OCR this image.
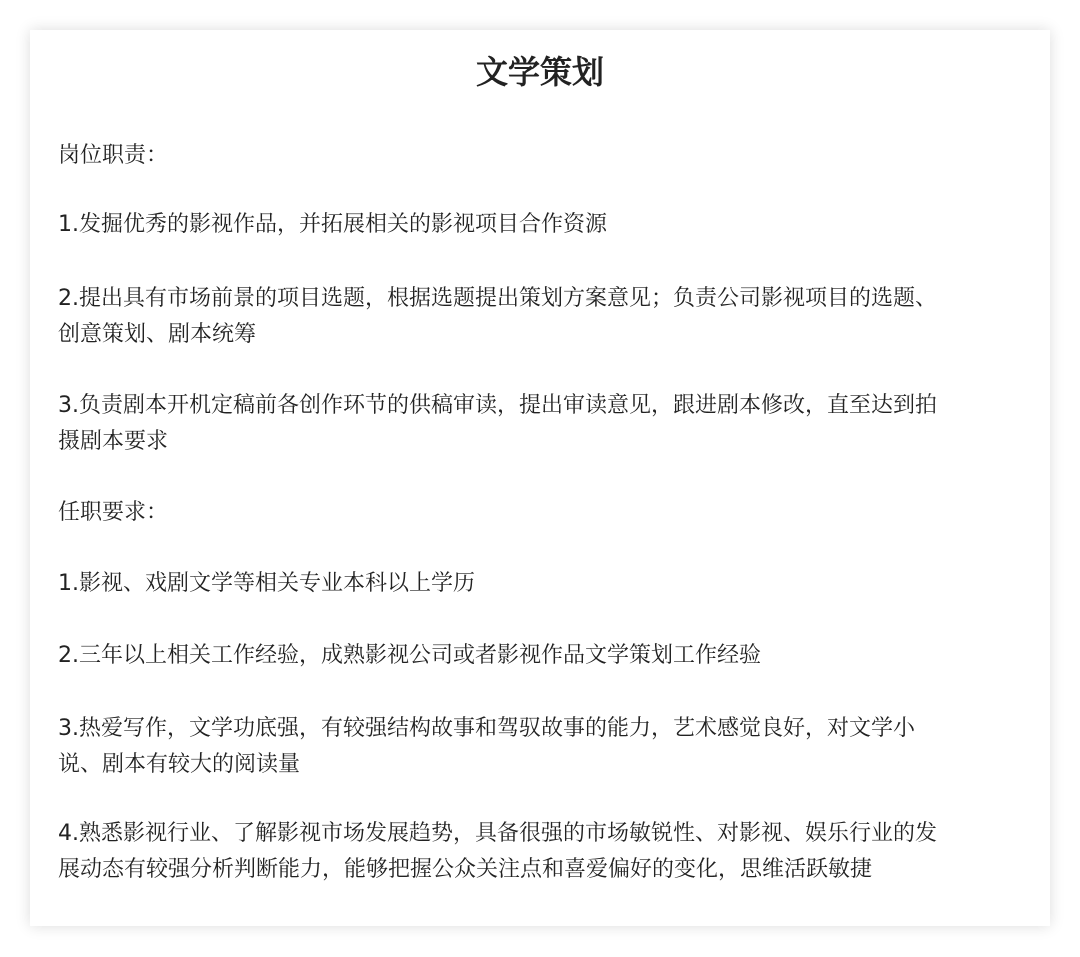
文学策划

岗位职责：

1.发掘优秀的影视作品，并拓展相关的影视项目合作资源

2.提出具有市场前景的项目选题，根据选题提出策划方案意见；负责公司影视项目的选题、
创意策划、剧本统筹

3.负责剧本开机定稿前各创作环节的供稿审读，提出审读意见，跟进剧本修改，直至达到拍
摄剧本要求

任职要求：

1.影视、戏剧文学等相关专业本科以上学历

2.三年以上相关工作经验，成熟影视公司或者影视作品文学策划工作经验

3.热爱写作，文学功底强，有较强结构故事和驾驭故事的能力，艺术感觉良好，对文学小
说、剧本有较大的阅读量

4.熟悉影视行业、了解影视市场发展趋势，具备很强的市场敏锐性、对影视、娱乐行业的发
展动态有较强分析判断能力，能够把握公众关注点和喜爱偏好的变化，思维活跃敏捷
